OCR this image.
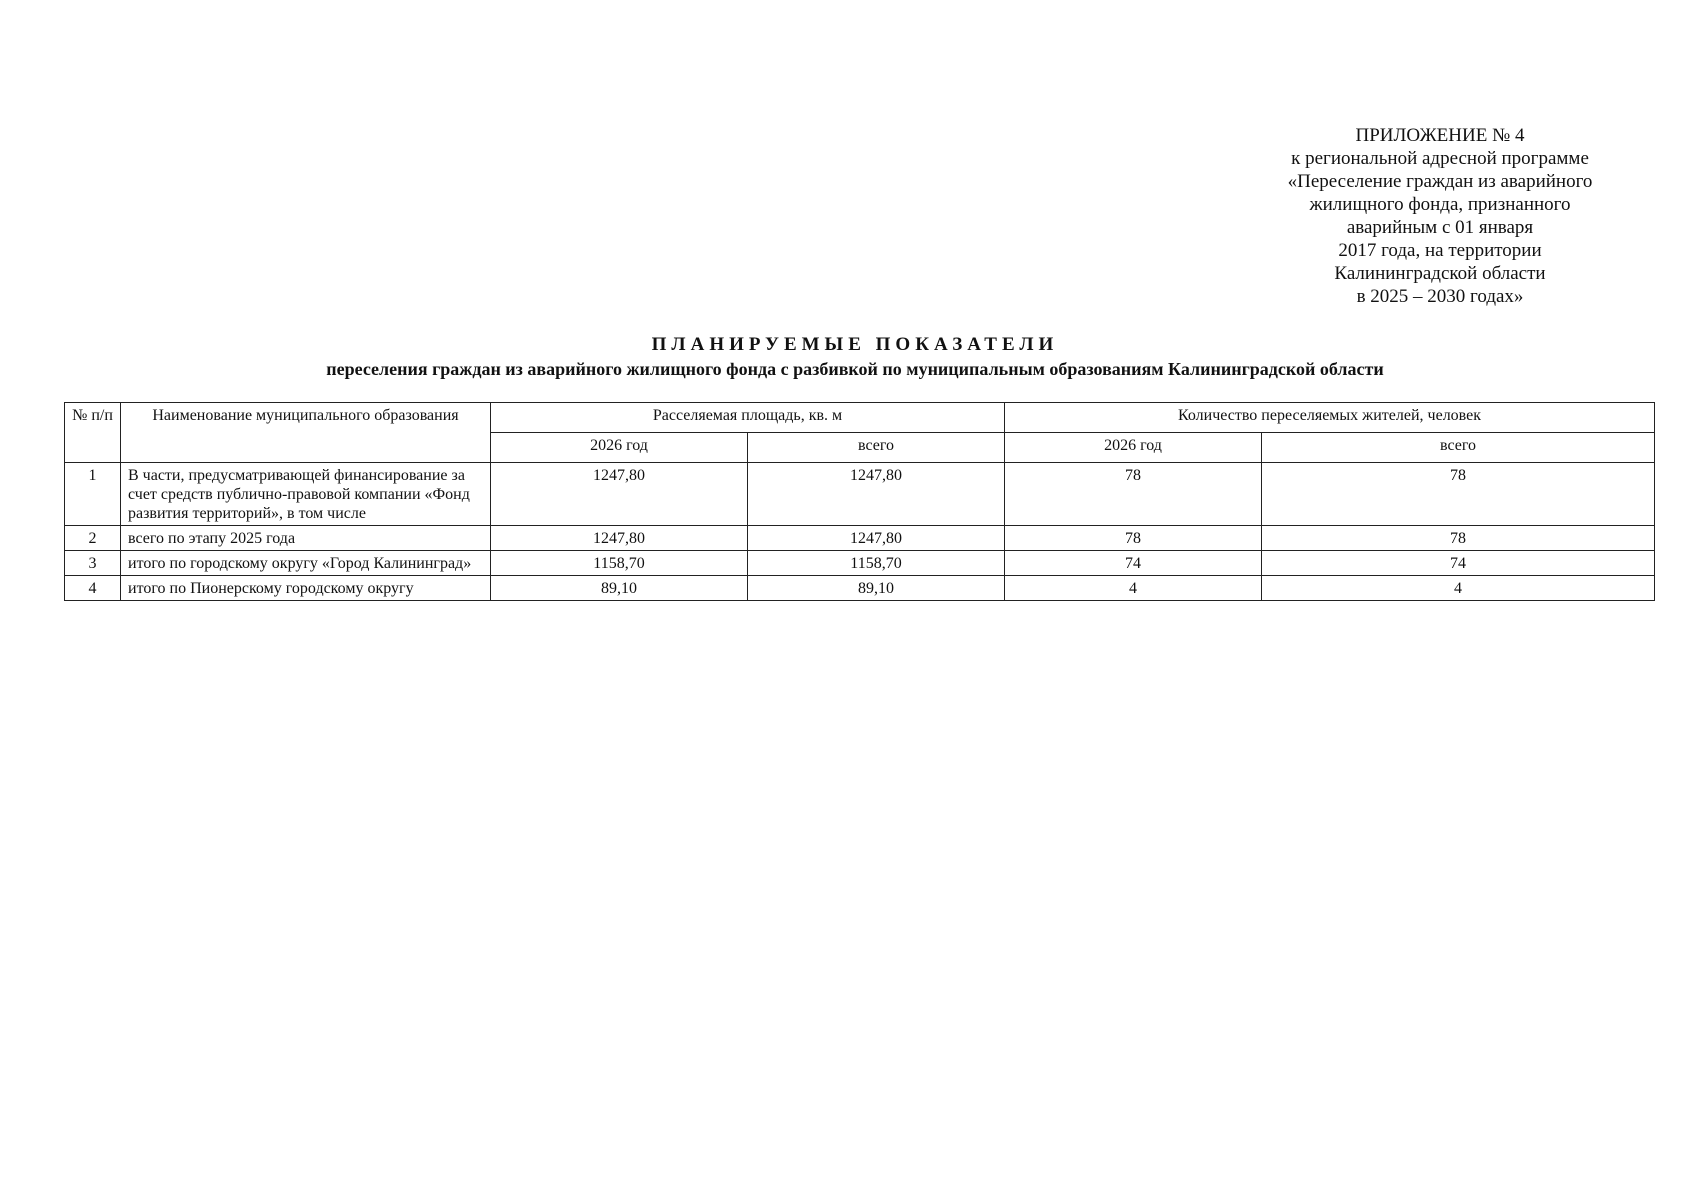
ПРИЛОЖЕНИЕ № 4
к региональной адресной программе
«Переселение граждан из аварийного
жилищного фонда, признанного
аварийным с 01 января
2017 года, на территории
Калининградской области
в 2025 – 2030 годах»
ПЛАНИРУЕМЫЕ ПОКАЗАТЕЛИ
переселения граждан из аварийного жилищного фонда с разбивкой по муниципальным образованиям Калининградской области
№ п/п	Наименование муниципального образования	Расселяемая площадь, кв. м		Количество переселяемых жителей, человек	
		2026 год	всего	2026 год	всего
1	В части, предусматривающей финансирование за счет средств публично-правовой компании «Фонд развития территорий», в том числе	1247,80	1247,80	78	78
2	всего по этапу 2025 года	1247,80	1247,80	78	78
3	итого по городскому округу «Город Калининград»	1158,70	1158,70	74	74
4	итого по Пионерскому городскому округу	89,10	89,10	4	4
